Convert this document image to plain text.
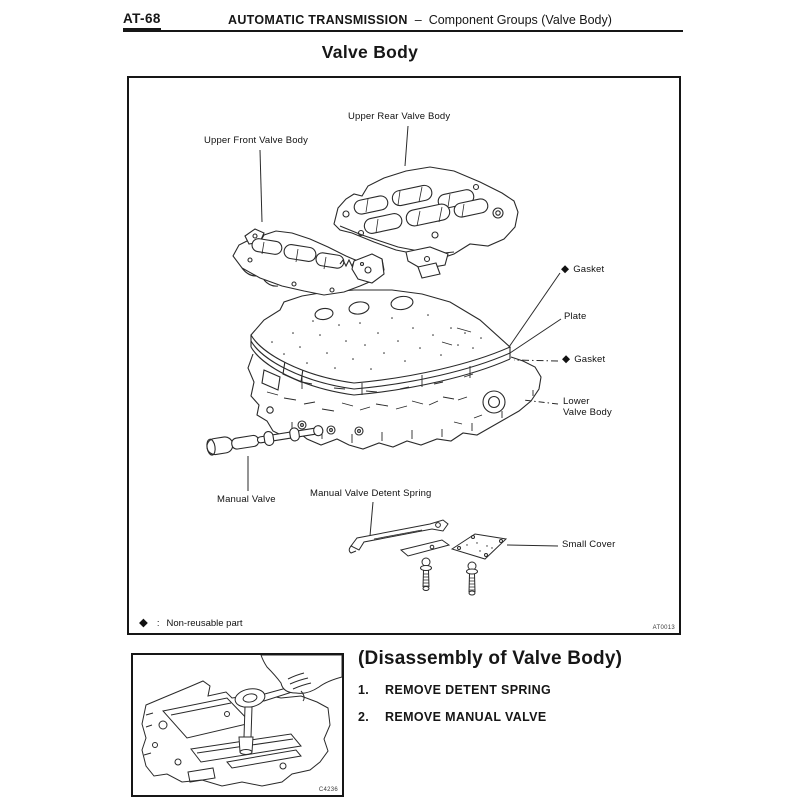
AT-68	AUTOMATIC TRANSMISSION – Component Groups (Valve Body)
Valve Body
Upper Front Valve Body
Upper Rear Valve Body
◆ Gasket
Plate
◆ Gasket
Lower
Valve Body
Manual Valve
Manual Valve Detent Spring
Small Cover
◆ : Non-reusable part	AT0013
C4236
(Disassembly of Valve Body)
1.	REMOVE DETENT SPRING
2.	REMOVE MANUAL VALVE
